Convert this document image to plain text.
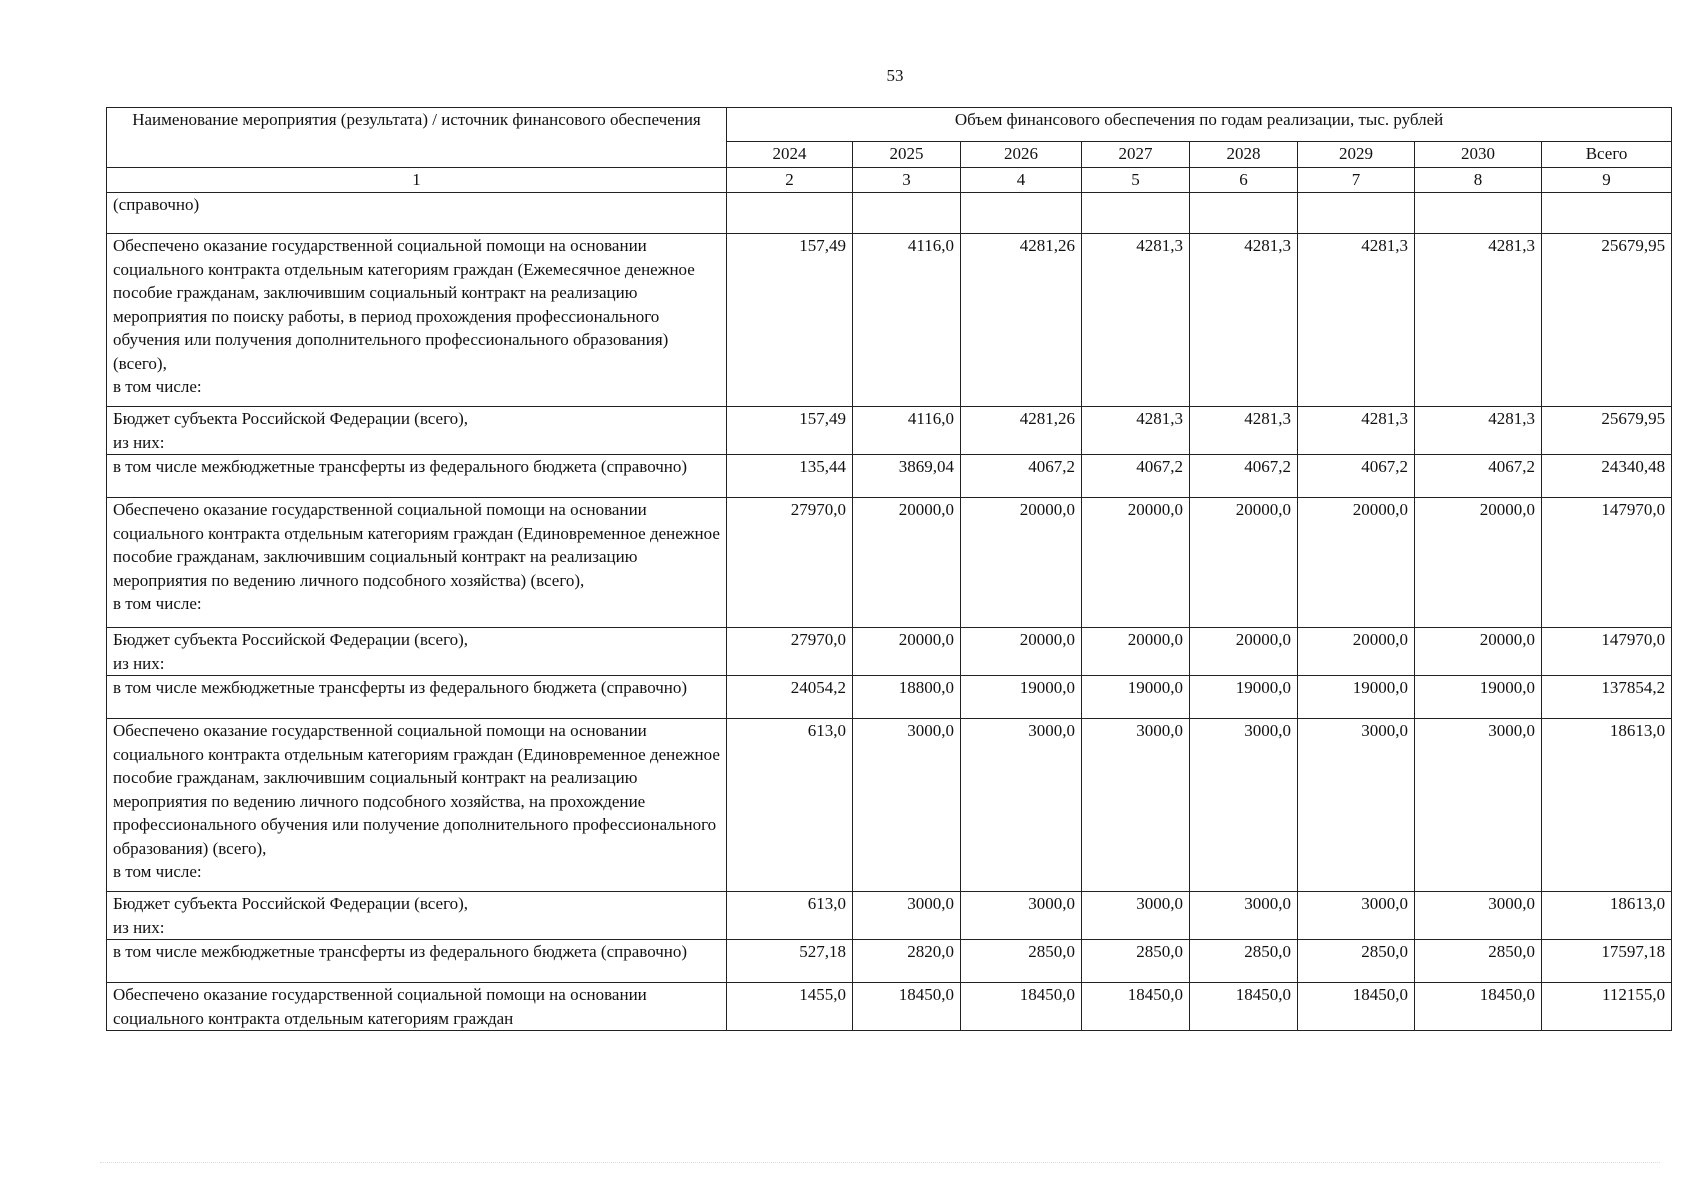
53
Наименование мероприятия (результата) / источник финансового обеспечения	Объем финансового обеспечения по годам реализации, тыс. рублей							
	2024	2025	2026	2027	2028	2029	2030	Всего
1	2	3	4	5	6	7	8	9
(справочно)								
Обеспечено оказание государственной социальной помощи на основании социального контракта отдельным категориям граждан (Ежемесячное денежное пособие гражданам, заключившим социальный контракт на реализацию мероприятия по поиску работы, в период прохождения профессионального обучения или получения дополнительного профессионального образования) (всего),
в том числе:	157,49	4116,0	4281,26	4281,3	4281,3	4281,3	4281,3	25679,95
Бюджет субъекта Российской Федерации (всего),
из них:	157,49	4116,0	4281,26	4281,3	4281,3	4281,3	4281,3	25679,95
в том числе межбюджетные трансферты из федерального бюджета (справочно)	135,44	3869,04	4067,2	4067,2	4067,2	4067,2	4067,2	24340,48
Обеспечено оказание государственной социальной помощи на основании социального контракта отдельным категориям граждан (Единовременное денежное пособие гражданам, заключившим социальный контракт на реализацию мероприятия по ведению личного подсобного хозяйства) (всего),
в том числе:	27970,0	20000,0	20000,0	20000,0	20000,0	20000,0	20000,0	147970,0
Бюджет субъекта Российской Федерации (всего),
из них:	27970,0	20000,0	20000,0	20000,0	20000,0	20000,0	20000,0	147970,0
в том числе межбюджетные трансферты из федерального бюджета (справочно)	24054,2	18800,0	19000,0	19000,0	19000,0	19000,0	19000,0	137854,2
Обеспечено оказание государственной социальной помощи на основании социального контракта отдельным категориям граждан (Единовременное денежное пособие гражданам, заключившим социальный контракт на реализацию мероприятия по ведению личного подсобного хозяйства, на прохождение профессионального обучения или получение дополнительного профессионального образования) (всего),
в том числе:	613,0	3000,0	3000,0	3000,0	3000,0	3000,0	3000,0	18613,0
Бюджет субъекта Российской Федерации (всего),
из них:	613,0	3000,0	3000,0	3000,0	3000,0	3000,0	3000,0	18613,0
в том числе межбюджетные трансферты из федерального бюджета (справочно)	527,18	2820,0	2850,0	2850,0	2850,0	2850,0	2850,0	17597,18
Обеспечено оказание государственной социальной помощи на основании социального контракта отдельным категориям граждан	1455,0	18450,0	18450,0	18450,0	18450,0	18450,0	18450,0	112155,0
